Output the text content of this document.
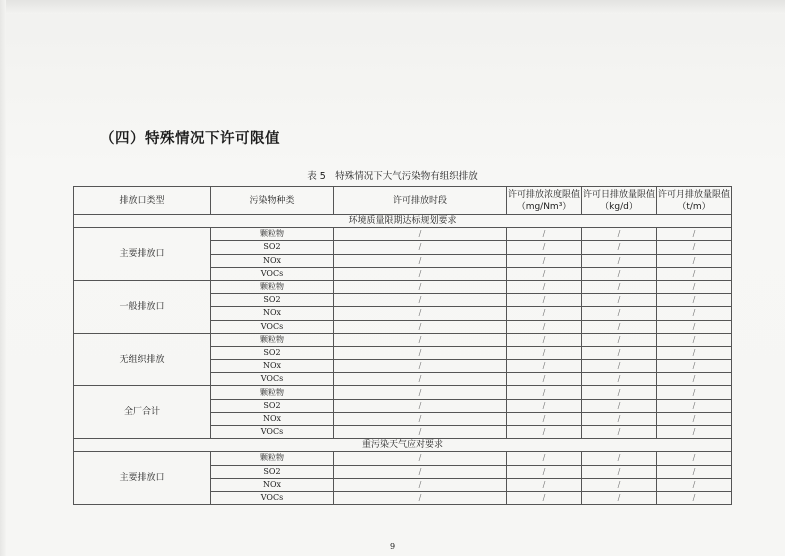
（四）特殊情况下许可限值
表 5　特殊情况下大气污染物有组织排放
排放口类型	污染物种类	许可排放时段	许可排放浓度限值（mg/Nm³）	许可日排放量限值（kg/d）	许可月排放量限值（t/m）
环境质量限期达标规划要求					
主要排放口	颗粒物	/	/	/	/
	SO2	/	/	/	/
	NOx	/	/	/	/
	VOCs	/	/	/	/
一般排放口	颗粒物	/	/	/	/
	SO2	/	/	/	/
	NOx	/	/	/	/
	VOCs	/	/	/	/
无组织排放	颗粒物	/	/	/	/
	SO2	/	/	/	/
	NOx	/	/	/	/
	VOCs	/	/	/	/
全厂合计	颗粒物	/	/	/	/
	SO2	/	/	/	/
	NOx	/	/	/	/
	VOCs	/	/	/	/
重污染天气应对要求					
主要排放口	颗粒物	/	/	/	/
	SO2	/	/	/	/
	NOx	/	/	/	/
	VOCs	/	/	/	/
9
